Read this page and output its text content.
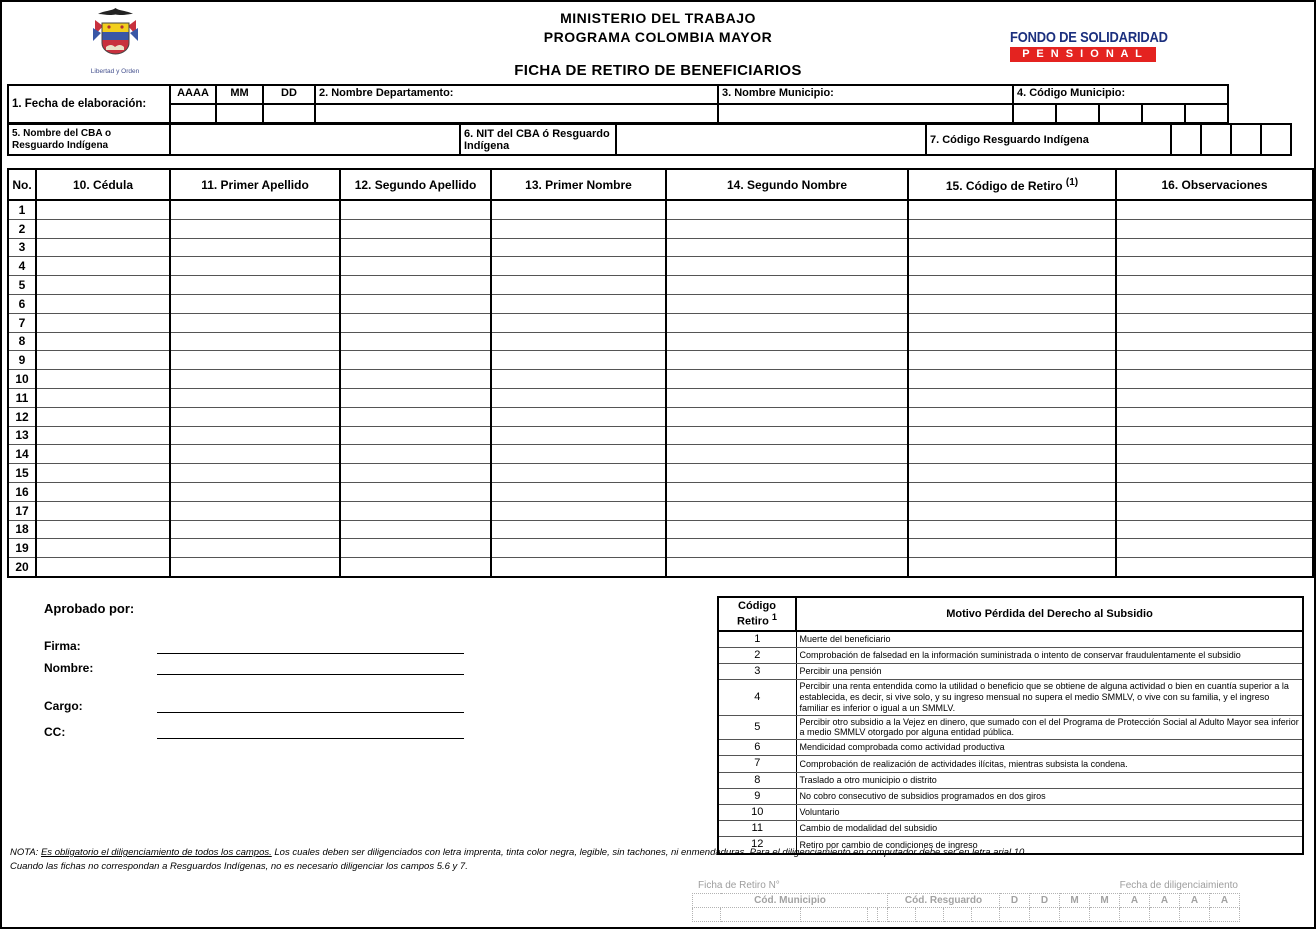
Libertad y Orden
MINISTERIO DEL TRABAJO
PROGRAMA COLOMBIA MAYOR
FICHA DE RETIRO DE BENEFICIARIOS
FONDO DE SOLIDARIDAD
P E N S I O N A L
1. Fecha de elaboración:	AAAA	MM	DD	2. Nombre Departamento:	3. Nombre Municipio:	4. Código Municipio:				

5. Nombre del CBA o Resguardo Indígena		6. NIT del CBA ó Resguardo Indígena		7. Código Resguardo Indígena				
No.	10. Cédula	11. Primer Apellido	12. Segundo Apellido	13. Primer Nombre	14. Segundo Nombre	15. Código de Retiro $^{(1)}$	16. Observaciones
1							
2							
3							
4							
5							
6							
7							
8							
9							
10							
11							
12							
13							
14							
15							
16							
17							
18							
19							
20							
Aprobado por:
Firma:
Nombre:
Cargo:
CC:
Código Retiro $^1$	Motivo Pérdida del Derecho al Subsidio
1	Muerte del beneficiario
2	Comprobación de falsedad en la información suministrada o intento de conservar fraudulentamente el subsidio
3	Percibir una pensión
4	Percibir una renta entendida como la utilidad o beneficio que se obtiene de alguna actividad o bien en cuantía superior a la establecida, es decir, si vive solo, y su ingreso mensual no supera el medio SMMLV, o vive con su familia, y el ingreso familiar es inferior o igual a un SMMLV.
5	Percibir otro subsidio a la Vejez en dinero, que sumado con el del Programa de Protección Social al Adulto Mayor sea inferior a medio SMMLV otorgado por alguna entidad pública.
6	Mendicidad comprobada como actividad productiva
7	Comprobación de realización de actividades ilícitas, mientras subsista la condena.
8	Traslado a otro municipio o distrito
9	No cobro consecutivo de subsidios programados en dos giros
10	Voluntario
11	Cambio de modalidad del subsidio
12	Retiro por cambio de condiciones de ingreso
NOTA: Es obligatorio el diligenciamiento de todos los campos. Los cuales deben ser diligenciados con letra imprenta, tinta color negra, legible, sin tachones, ni enmendaduras. Para el diligenciamiento en computador debe ser en letra arial 10.
Cuando las fichas no correspondan a Resguardos Indígenas, no es necesario diligenciar los campos 5.6 y 7.
Ficha de Retiro N°	Fecha de diligenciaimiento
Cód. Municipio					Cód. Resguardo				D	D	M	M	A	A	A	A
